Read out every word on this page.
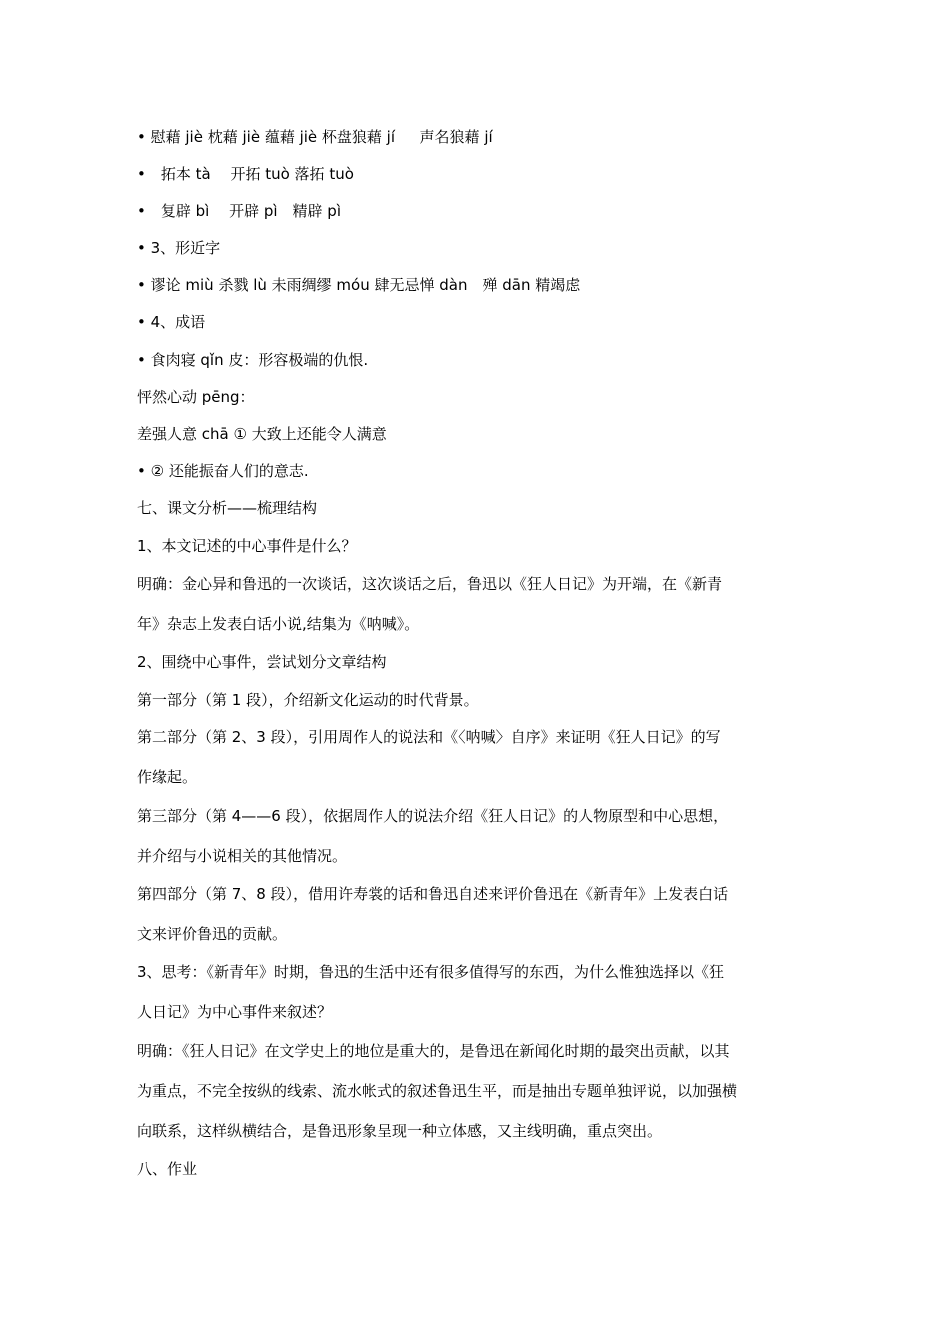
• 慰藉 jiè 枕藉 jiè 蕴藉 jiè 杯盘狼藉 jí 　 声名狼藉 jí
•　拓本 tà 　开拓 tuò 落拓 tuò
•　复辟 bì 　开辟 pì　精辟 pì
• 3、形近字
• 谬论 miù 杀戮 lù 未雨绸缪 móu 肆无忌惮 dàn　殚 dān 精竭虑
• 4、成语
• 食肉寝 qǐn 皮：形容极端的仇恨.
怦然心动 pēng：
差强人意 chā ① 大致上还能令人满意
• ② 还能振奋人们的意志.
七、课文分析——梳理结构
1、本文记述的中心事件是什么？
明确：金心异和鲁迅的一次谈话，这次谈话之后，鲁迅以《狂人日记》为开端，在《新青
年》杂志上发表白话小说,结集为《呐喊》。
2、围绕中心事件，尝试划分文章结构
第一部分（第 1 段），介绍新文化运动的时代背景。
第二部分（第 2、3 段），引用周作人的说法和《〈呐喊〉自序》来证明《狂人日记》的写
作缘起。
第三部分（第 4——6 段），依据周作人的说法介绍《狂人日记》的人物原型和中心思想，
并介绍与小说相关的其他情况。
第四部分（第 7、8 段），借用许寿裳的话和鲁迅自述来评价鲁迅在《新青年》上发表白话
文来评价鲁迅的贡献。
3、思考：《新青年》时期，鲁迅的生活中还有很多值得写的东西，为什么惟独选择以《狂
人日记》为中心事件来叙述？
明确：《狂人日记》在文学史上的地位是重大的，是鲁迅在新闻化时期的最突出贡献，以其
为重点，不完全按纵的线索、流水帐式的叙述鲁迅生平，而是抽出专题单独评说，以加强横
向联系，这样纵横结合，是鲁迅形象呈现一种立体感，又主线明确，重点突出。
八、作业
